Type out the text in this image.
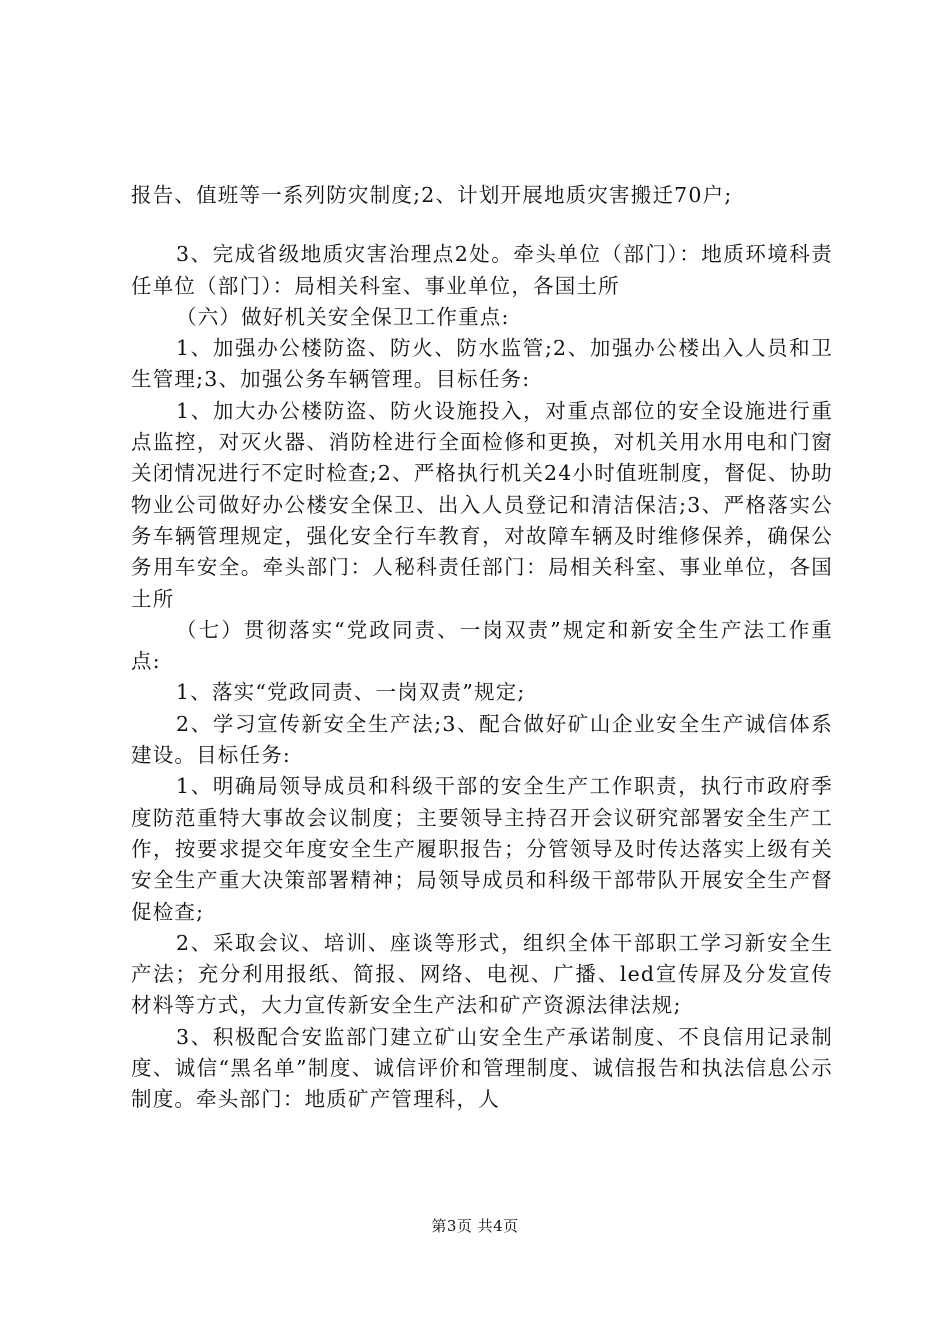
报告、值班等一系列防灾制度;2、计划开展地质灾害搬迁70户;

3、完成省级地质灾害治理点2处。牵头单位（部门）：地质环境科责任单位（部门）：局相关科室、事业单位，各国土所

（六）做好机关安全保卫工作重点:

1、加强办公楼防盗、防火、防水监管;2、加强办公楼出入人员和卫生管理;3、加强公务车辆管理。目标任务:

1、加大办公楼防盗、防火设施投入，对重点部位的安全设施进行重点监控，对灭火器、消防栓进行全面检修和更换，对机关用水用电和门窗关闭情况进行不定时检查;2、严格执行机关24小时值班制度，督促、协助物业公司做好办公楼安全保卫、出入人员登记和清洁保洁;3、严格落实公务车辆管理规定，强化安全行车教育，对故障车辆及时维修保养，确保公务用车安全。牵头部门：人秘科责任部门：局相关科室、事业单位，各国土所

（七）贯彻落实“党政同责、一岗双责”规定和新安全生产法工作重点:

1、落实“党政同责、一岗双责”规定;

2、学习宣传新安全生产法;3、配合做好矿山企业安全生产诚信体系建设。目标任务:

1、明确局领导成员和科级干部的安全生产工作职责，执行市政府季度防范重特大事故会议制度；主要领导主持召开会议研究部署安全生产工作，按要求提交年度安全生产履职报告；分管领导及时传达落实上级有关安全生产重大决策部署精神；局领导成员和科级干部带队开展安全生产督促检查;

2、采取会议、培训、座谈等形式，组织全体干部职工学习新安全生产法；充分利用报纸、简报、网络、电视、广播、led宣传屏及分发宣传材料等方式，大力宣传新安全生产法和矿产资源法律法规;

3、积极配合安监部门建立矿山安全生产承诺制度、不良信用记录制度、诚信“黑名单”制度、诚信评价和管理制度、诚信报告和执法信息公示制度。牵头部门：地质矿产管理科，人

第3页 共4页
